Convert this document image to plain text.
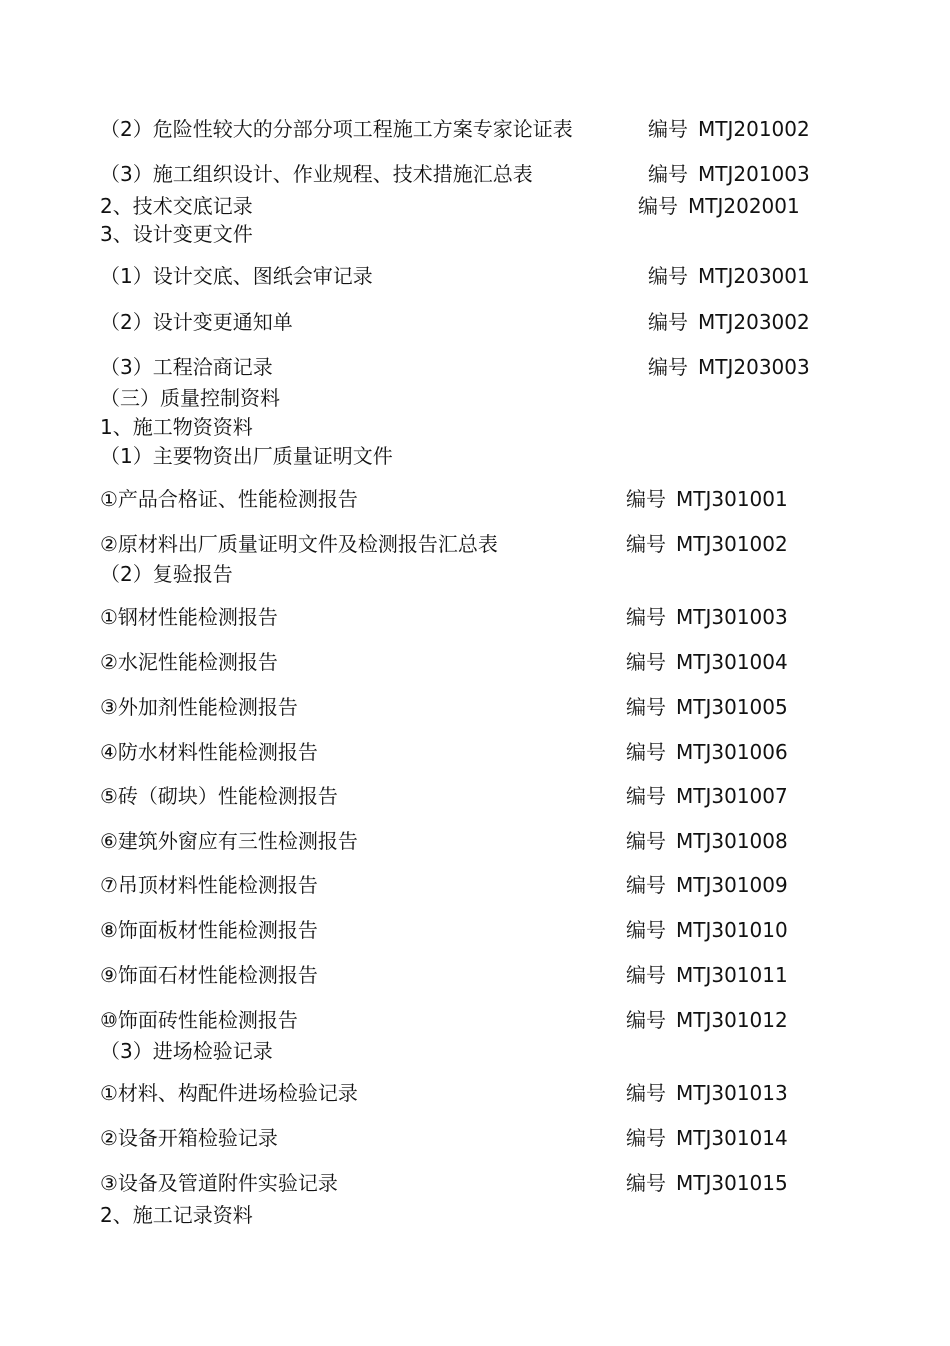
（2）危险性较大的分部分项工程施工方案专家论证表	编号 MTJ201002
（3）施工组织设计、作业规程、技术措施汇总表	编号 MTJ201003
2、技术交底记录	编号 MTJ202001
3、设计变更文件
（1）设计交底、图纸会审记录	编号 MTJ203001
（2）设计变更通知单	编号 MTJ203002
（3）工程洽商记录	编号 MTJ203003
（三）质量控制资料
1、施工物资资料
（1）主要物资出厂质量证明文件
①产品合格证、性能检测报告	编号 MTJ301001
②原材料出厂质量证明文件及检测报告汇总表	编号 MTJ301002
（2）复验报告
①钢材性能检测报告	编号 MTJ301003
②水泥性能检测报告	编号 MTJ301004
③外加剂性能检测报告	编号 MTJ301005
④防水材料性能检测报告	编号 MTJ301006
⑤砖（砌块）性能检测报告	编号 MTJ301007
⑥建筑外窗应有三性检测报告	编号 MTJ301008
⑦吊顶材料性能检测报告	编号 MTJ301009
⑧饰面板材性能检测报告	编号 MTJ301010
⑨饰面石材性能检测报告	编号 MTJ301011
⑩饰面砖性能检测报告	编号 MTJ301012
（3）进场检验记录
①材料、构配件进场检验记录	编号 MTJ301013
②设备开箱检验记录	编号 MTJ301014
③设备及管道附件实验记录	编号 MTJ301015
2、施工记录资料
